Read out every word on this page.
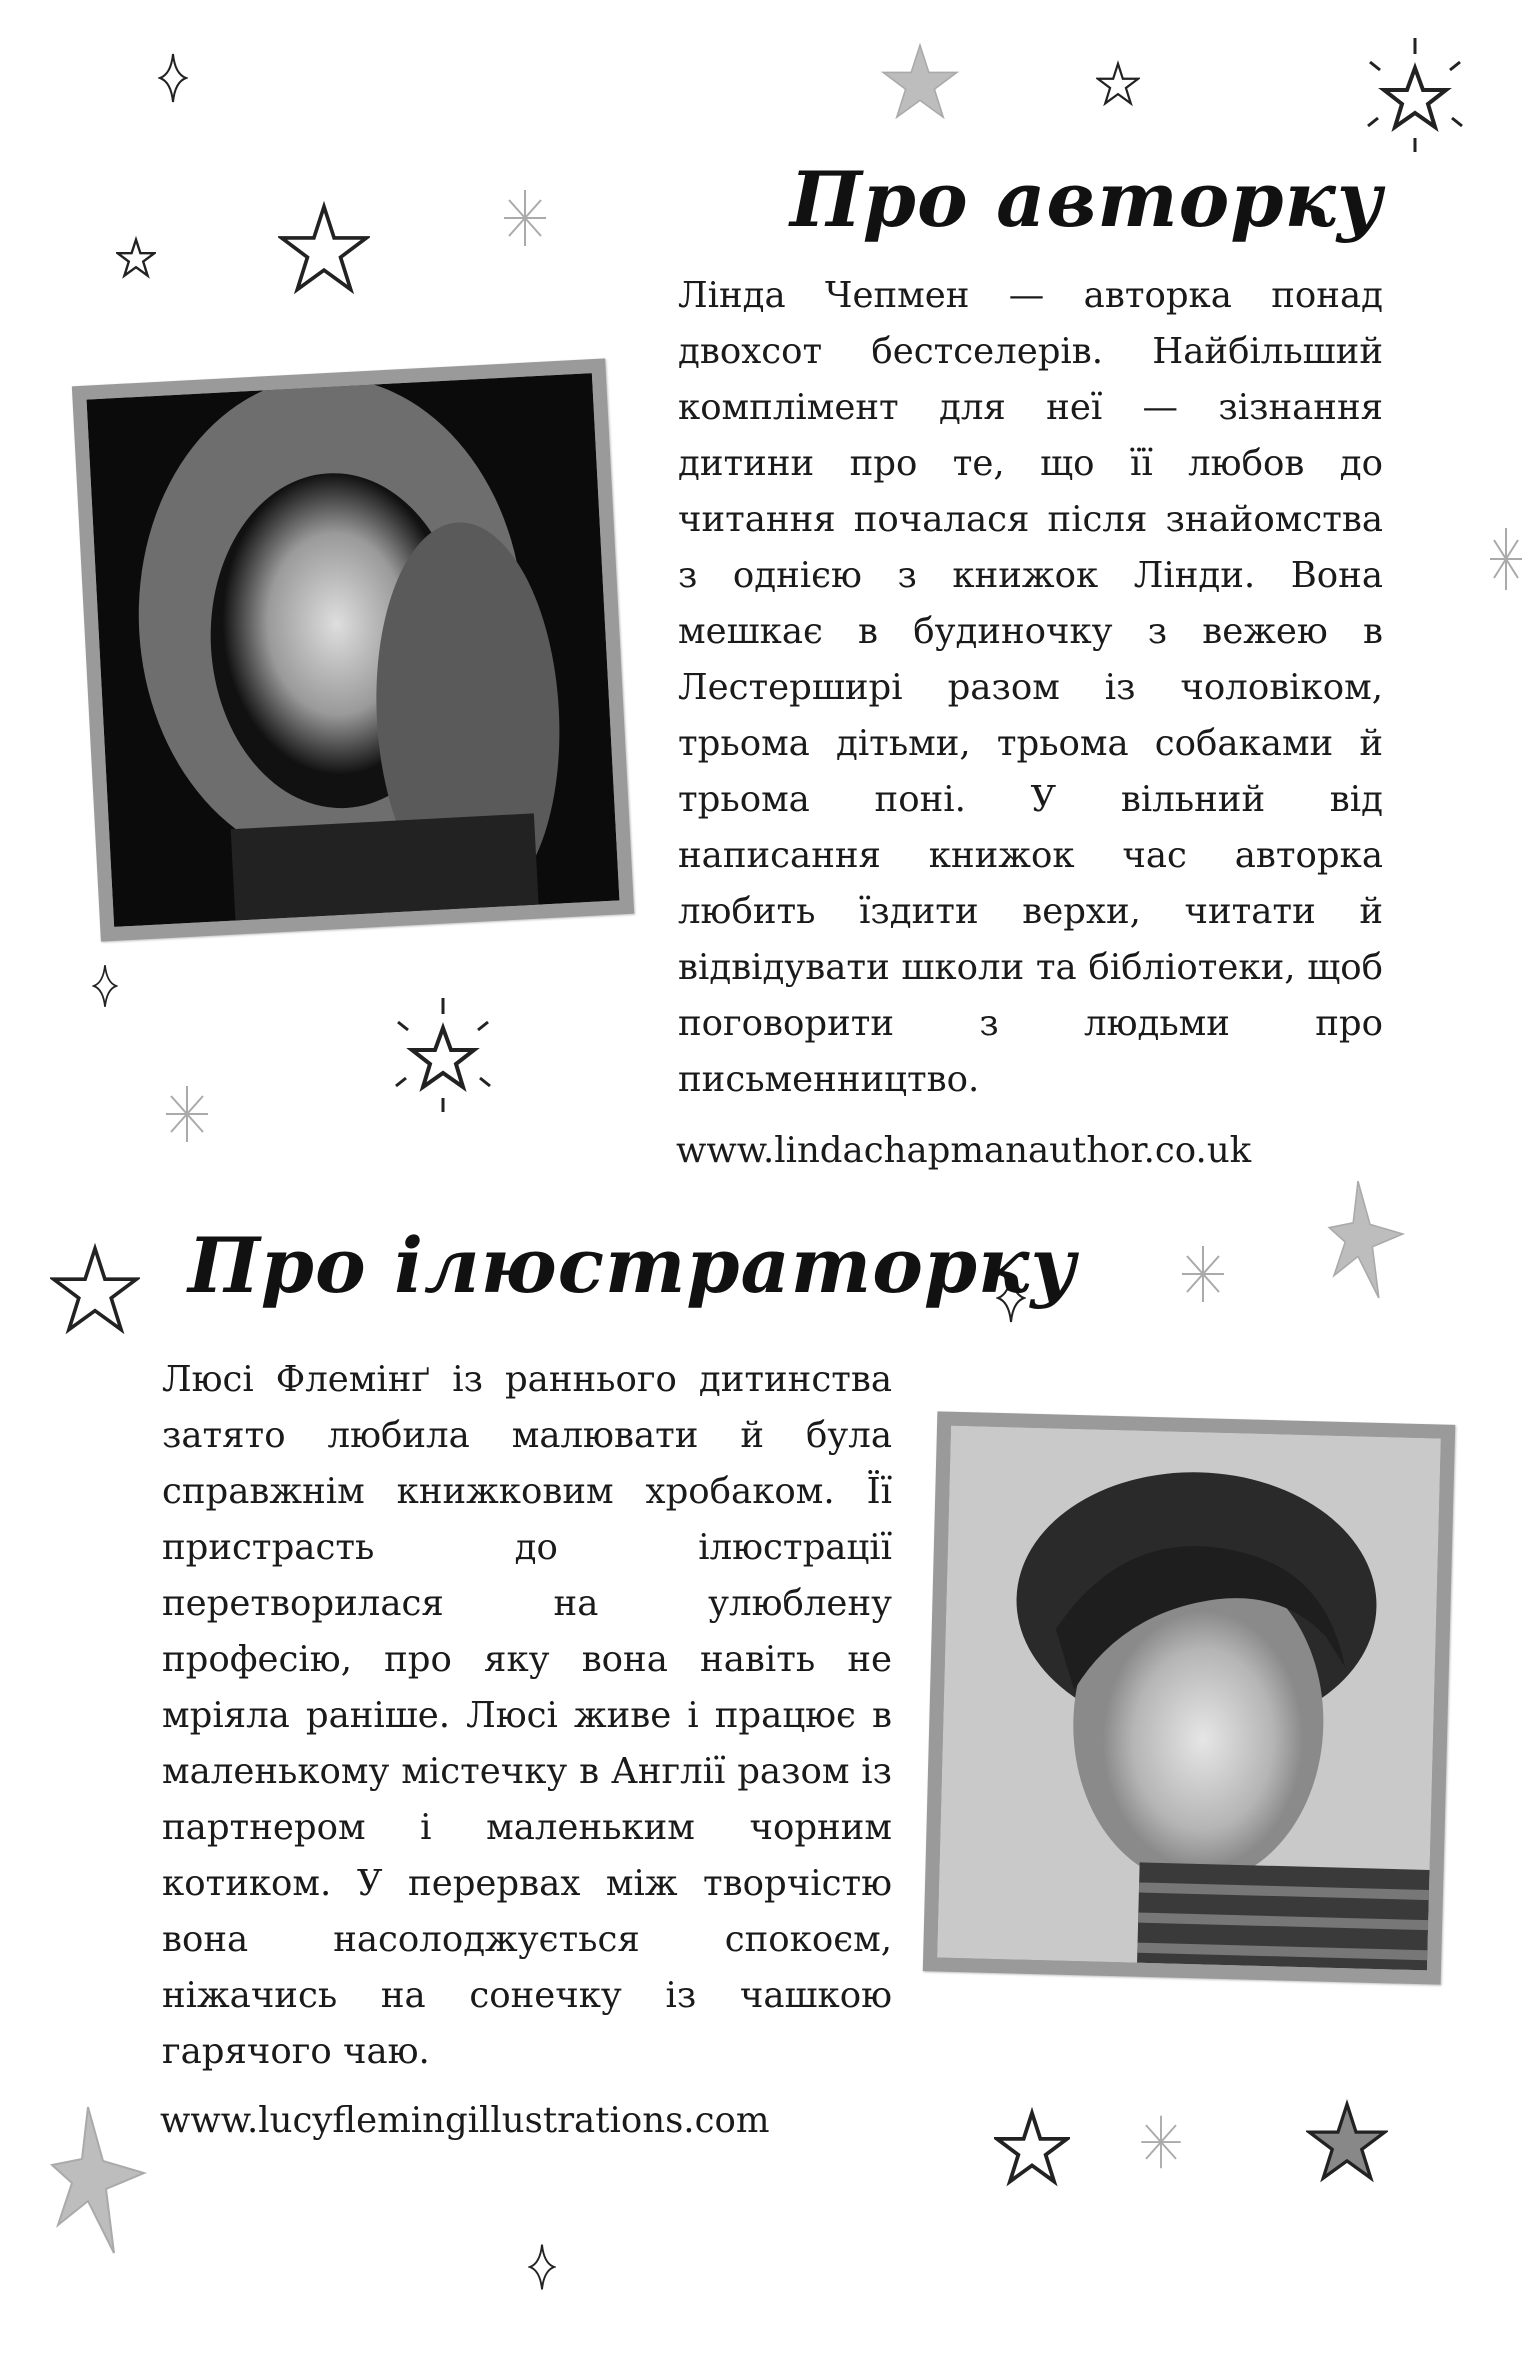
Про авторку
Лінда Чепмен — авторка понад двохсот бестселерів. Найбільший комплімент для неї — зізнання дитини про те, що її любов до читання почалася після знайомства з однією з книжок Лінди. Вона мешкає в будиночку з вежею в Лестерширі разом із чоловіком, трьома дітьми, трьома собаками й трьома поні. У вільний від написання книжок час авторка любить їздити верхи, читати й відвідувати школи та бібліотеки, щоб поговорити з людьми про письменництво.
www.lindachapmanauthor.co.uk
Про ілюстраторку
Люсі Флемінґ із раннього дитинства затято любила малювати й була справжнім книжковим хробаком. Її пристрасть до ілюстрації перетворилася на улюблену професію, про яку вона навіть не мріяла раніше. Люсі живе і працює в маленькому містечку в Англії разом із партнером і маленьким чорним котиком. У перервах між творчістю вона насолоджується спокоєм, ніжачись на сонечку із чашкою гарячого чаю.
www.lucyflemingillustrations.com
